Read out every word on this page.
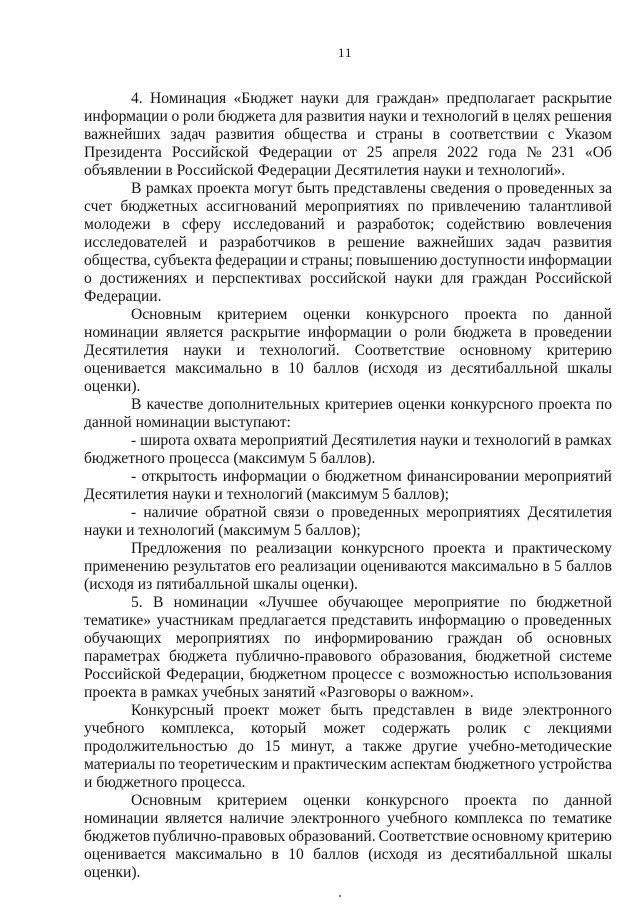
11
4. Номинация «Бюджет науки для граждан» предполагает раскрытие
информации о роли бюджета для развития науки и технологий в целях решения
важнейших задач развития общества и страны в соответствии с Указом
Президента Российской Федерации от 25 апреля 2022 года № 231 «Об
объявлении в Российской Федерации Десятилетия науки и технологий».
В рамках проекта могут быть представлены сведения о проведенных за
счет бюджетных ассигнований мероприятиях по привлечению талантливой
молодежи в сферу исследований и разработок; содействию вовлечения
исследователей и разработчиков в решение важнейших задач развития
общества, субъекта федерации и страны; повышению доступности информации
о достижениях и перспективах российской науки для граждан Российской
Федерации.
Основным критерием оценки конкурсного проекта по данной
номинации является раскрытие информации о роли бюджета в проведении
Десятилетия науки и технологий. Соответствие основному критерию
оценивается максимально в 10 баллов (исходя из десятибалльной шкалы
оценки).
В качестве дополнительных критериев оценки конкурсного проекта по
данной номинации выступают:
- широта охвата мероприятий Десятилетия науки и технологий в рамках
бюджетного процесса (максимум 5 баллов).
- открытость информации о бюджетном финансировании мероприятий
Десятилетия науки и технологий (максимум 5 баллов);
- наличие обратной связи о проведенных мероприятиях Десятилетия
науки и технологий (максимум 5 баллов);
Предложения по реализации конкурсного проекта и практическому
применению результатов его реализации оцениваются максимально в 5 баллов
(исходя из пятибалльной шкалы оценки).
5. В номинации «Лучшее обучающее мероприятие по бюджетной
тематике» участникам предлагается представить информацию о проведенных
обучающих мероприятиях по информированию граждан об основных
параметрах бюджета публично-правового образования, бюджетной системе
Российской Федерации, бюджетном процессе с возможностью использования
проекта в рамках учебных занятий «Разговоры о важном».
Конкурсный проект может быть представлен в виде электронного
учебного комплекса, который может содержать ролик с лекциями
продолжительностью до 15 минут, а также другие учебно-методические
материалы по теоретическим и практическим аспектам бюджетного устройства
и бюджетного процесса.
Основным критерием оценки конкурсного проекта по данной
номинации является наличие электронного учебного комплекса по тематике
бюджетов публично-правовых образований. Соответствие основному критерию
оценивается максимально в 10 баллов (исходя из десятибалльной шкалы
оценки).
